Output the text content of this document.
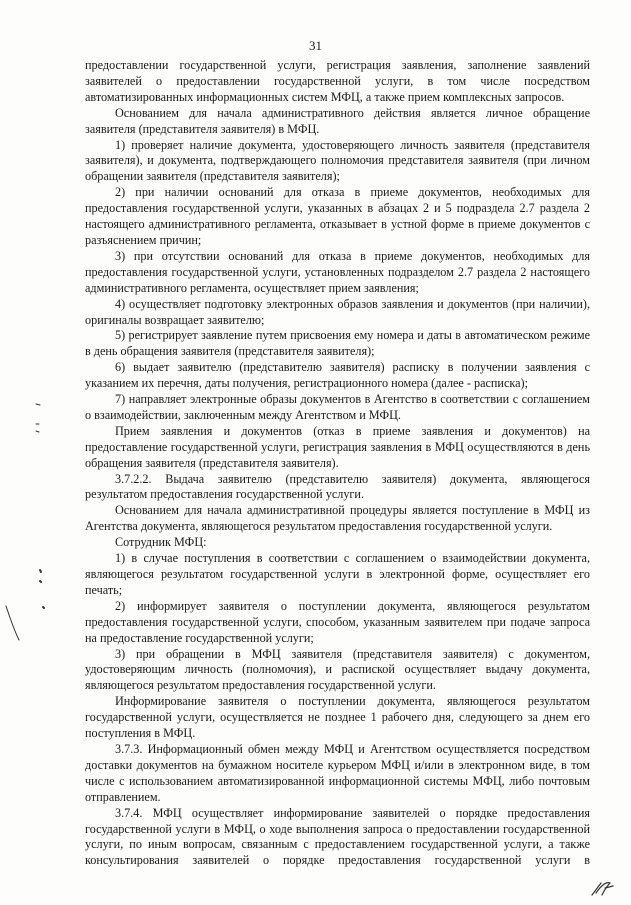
31

предоставлении государственной услуги, регистрация заявления, заполнение заявлений заявителей о предоставлении государственной услуги, в том числе посредством автоматизированных информационных систем МФЦ, а также прием комплексных запросов.

Основанием для начала административного действия является личное обращение заявителя (представителя заявителя) в МФЦ.

1) проверяет наличие документа, удостоверяющего личность заявителя (представителя заявителя), и документа, подтверждающего полномочия представителя заявителя (при личном обращении заявителя (представителя заявителя);

2) при наличии оснований для отказа в приеме документов, необходимых для предоставления государственной услуги, указанных в абзацах 2 и 5 подраздела 2.7 раздела 2 настоящего административного регламента, отказывает в устной форме в приеме документов с разъяснением причин;

3) при отсутствии оснований для отказа в приеме документов, необходимых для предоставления государственной услуги, установленных подразделом 2.7 раздела 2 настоящего административного регламента, осуществляет прием заявления;

4) осуществляет подготовку электронных образов заявления и документов (при наличии), оригиналы возвращает заявителю;

5) регистрирует заявление путем присвоения ему номера и даты в автоматическом режиме в день обращения заявителя (представителя заявителя);

6) выдает заявителю (представителю заявителя) расписку в получении заявления с указанием их перечня, даты получения, регистрационного номера (далее - расписка);

7) направляет электронные образы документов в Агентство в соответствии с соглашением о взаимодействии, заключенным между Агентством и МФЦ.

Прием заявления и документов (отказ в приеме заявления и документов) на предоставление государственной услуги, регистрация заявления в МФЦ осуществляются в день обращения заявителя (представителя заявителя).

3.7.2.2. Выдача заявителю (представителю заявителя) документа, являющегося результатом предоставления государственной услуги.

Основанием для начала административной процедуры является поступление в МФЦ из Агентства документа, являющегося результатом предоставления государственной услуги.

Сотрудник МФЦ:

1) в случае поступления в соответствии с соглашением о взаимодействии документа, являющегося результатом государственной услуги в электронной форме, осуществляет его печать;

2) информирует заявителя о поступлении документа, являющегося результатом предоставления государственной услуги, способом, указанным заявителем при подаче запроса на предоставление государственной услуги;

3) при обращении в МФЦ заявителя (представителя заявителя) с документом, удостоверяющим личность (полномочия), и распиской осуществляет выдачу документа, являющегося результатом предоставления государственной услуги.

Информирование заявителя о поступлении документа, являющегося результатом государственной услуги, осуществляется не позднее 1 рабочего дня, следующего за днем его поступления в МФЦ.

3.7.3. Информационный обмен между МФЦ и Агентством осуществляется посредством доставки документов на бумажном носителе курьером МФЦ и/или в электронном виде, в том числе с использованием автоматизированной информационной системы МФЦ, либо почтовым отправлением.

3.7.4. МФЦ осуществляет информирование заявителей о порядке предоставления государственной услуги в МФЦ, о ходе выполнения запроса о предоставлении государственной услуги, по иным вопросам, связанным с предоставлением государственной услуги, а также консультирования заявителей о порядке предоставления государственной услуги в
